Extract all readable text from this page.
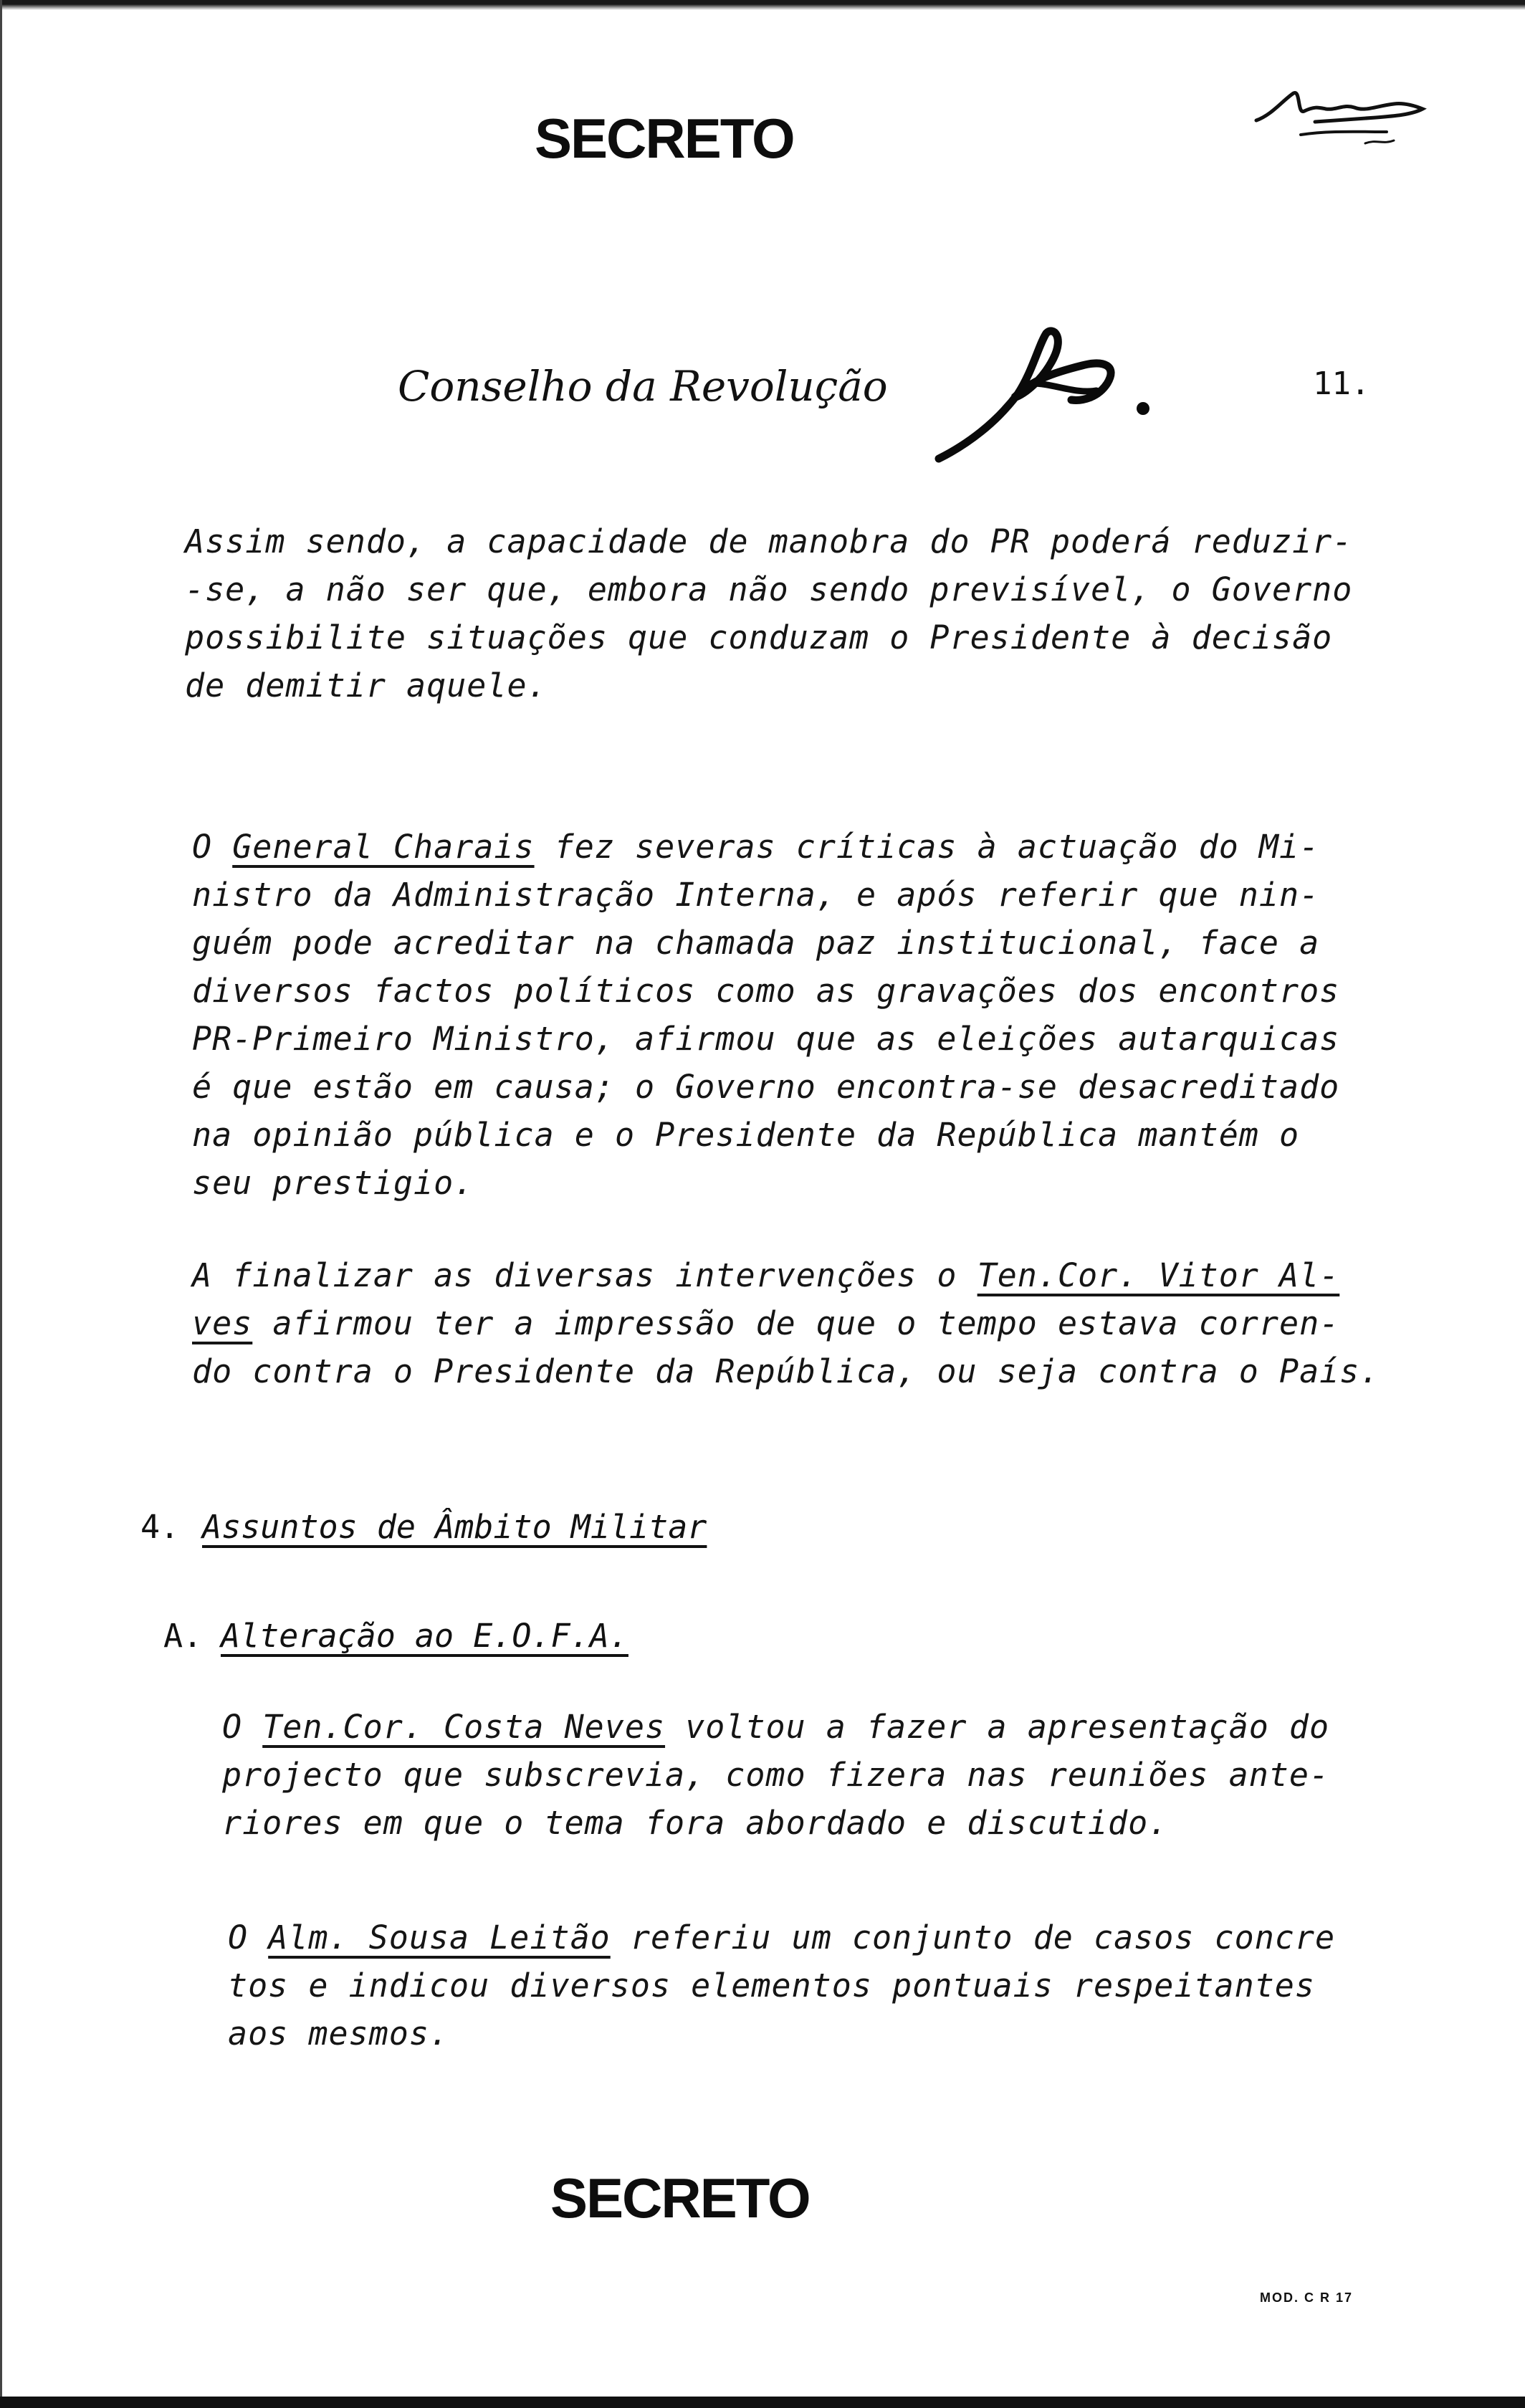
SECRETO
Conselho da Revolução	11.
Assim sendo, a capacidade de manobra do PR poderá reduzir-
-se, a não ser que, embora não sendo previsível, o Governo
possibilite situações que conduzam o Presidente à decisão
de demitir aquele.
O General Charais fez severas críticas à actuação do Mi-
nistro da Administração Interna, e após referir que nin-
guém pode acreditar na chamada paz institucional, face a
diversos factos políticos como as gravações dos encontros
PR-Primeiro Ministro, afirmou que as eleições autarquicas
é que estão em causa; o Governo encontra-se desacreditado
na opinião pública e o Presidente da República mantém o
seu prestigio.
A finalizar as diversas intervenções o Ten.Cor. Vitor Al-
ves afirmou ter a impressão de que o tempo estava corren-
do contra o Presidente da República, ou seja contra o País.
4. Assuntos de Âmbito Militar
A. Alteração ao E.O.F.A.
O Ten.Cor. Costa Neves voltou a fazer a apresentação do
projecto que subscrevia, como fizera nas reuniões ante-
riores em que o tema fora abordado e discutido.
O Alm. Sousa Leitão referiu um conjunto de casos concre
tos e indicou diversos elementos pontuais respeitantes
aos mesmos.
SECRETO
MOD. C R 17
